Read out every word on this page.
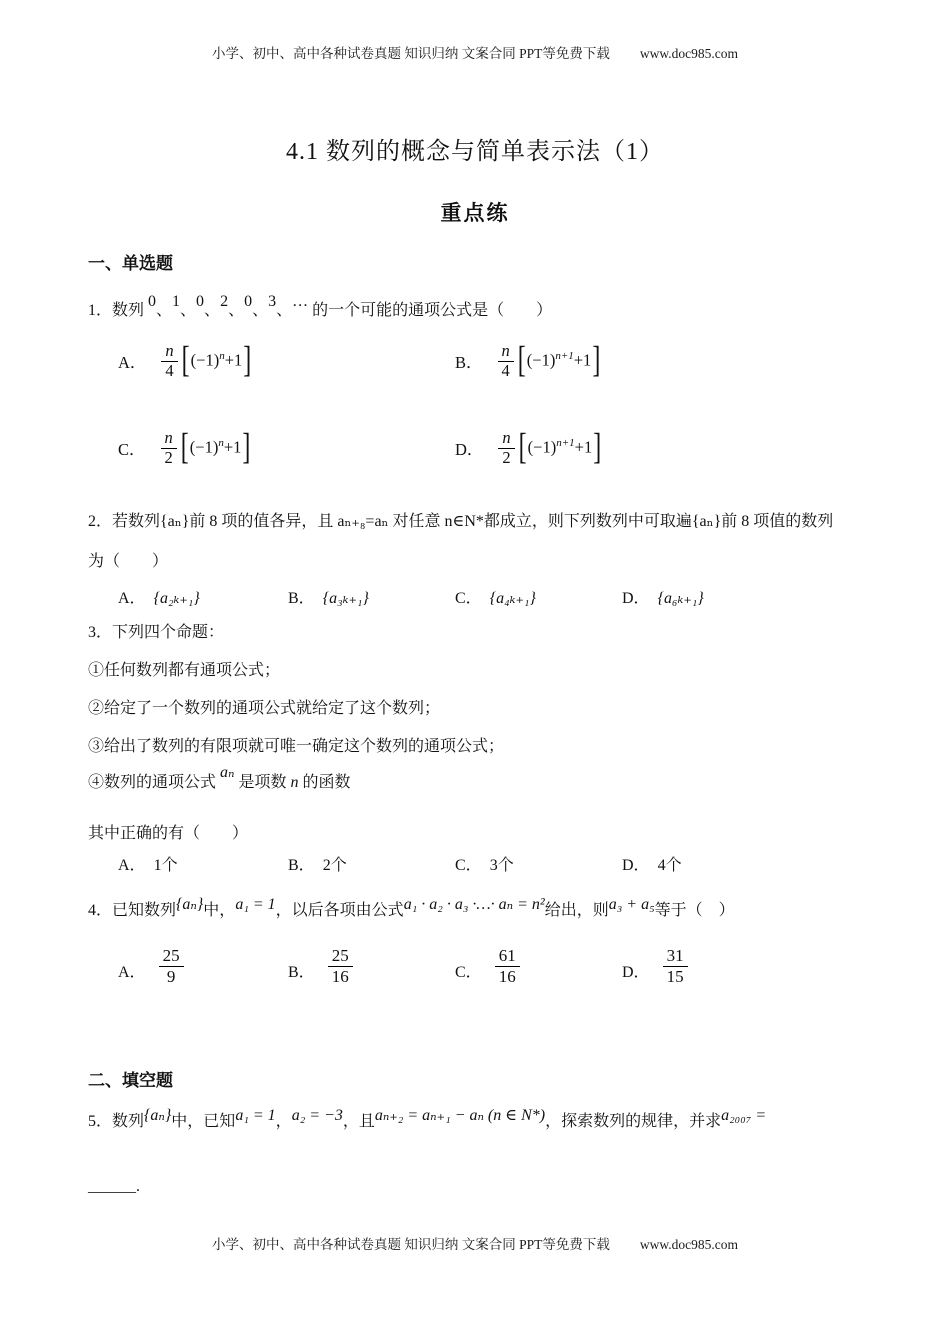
小学、初中、高中各种试卷真题 知识归纳 文案合同 PPT等免费下载 www.doc985.com
4.1 数列的概念与简单表示法（1）
重点练
一、单选题
1．数列0、1、0、2、0、3、…的一个可能的通项公式是（　　）
A． $\frac{n}{4} [(-1)^n+1]$	B． $\frac{n}{4} [(-1)^{n+1}+1]$
C． $\frac{n}{2} [(-1)^n+1]$	D． $\frac{n}{2} [(-1)^{n+1}+1]$
2．若数列{aₙ}前 8 项的值各异，且 aₙ₊₈=aₙ 对任意 n∈N*都成立，则下列数列中可取遍{aₙ}前 8 项值的数列
为（　　）
A． {a₂ₖ₊₁}	B． {a₃ₖ₊₁}	C． {a₄ₖ₊₁}	D． {a₆ₖ₊₁}
3．下列四个命题：
①任何数列都有通项公式；
②给定了一个数列的通项公式就给定了这个数列；
③给出了数列的有限项就可唯一确定这个数列的通项公式；
④数列的通项公式 aₙ 是项数 n 的函数
其中正确的有（　　）
A． 1个	B． 2个	C． 3个	D． 4个
4．已知数列{aₙ}中，a₁ = 1，以后各项由公式a₁ · a₂ · a₃ ·…· aₙ = n²给出，则a₃ + a₅等于（　）
A． $\frac{25}{9}$	B． $\frac{25}{16}$	C． $\frac{61}{16}$	D． $\frac{31}{15}$
二、填空题
5．数列{aₙ}中，已知a₁ = 1，a₂ = −3，且aₙ₊₂ = aₙ₊₁ − aₙ (n ∈ N*)，探索数列的规律，并求a₂₀₀₇ =
______.
小学、初中、高中各种试卷真题 知识归纳 文案合同 PPT等免费下载 www.doc985.com
